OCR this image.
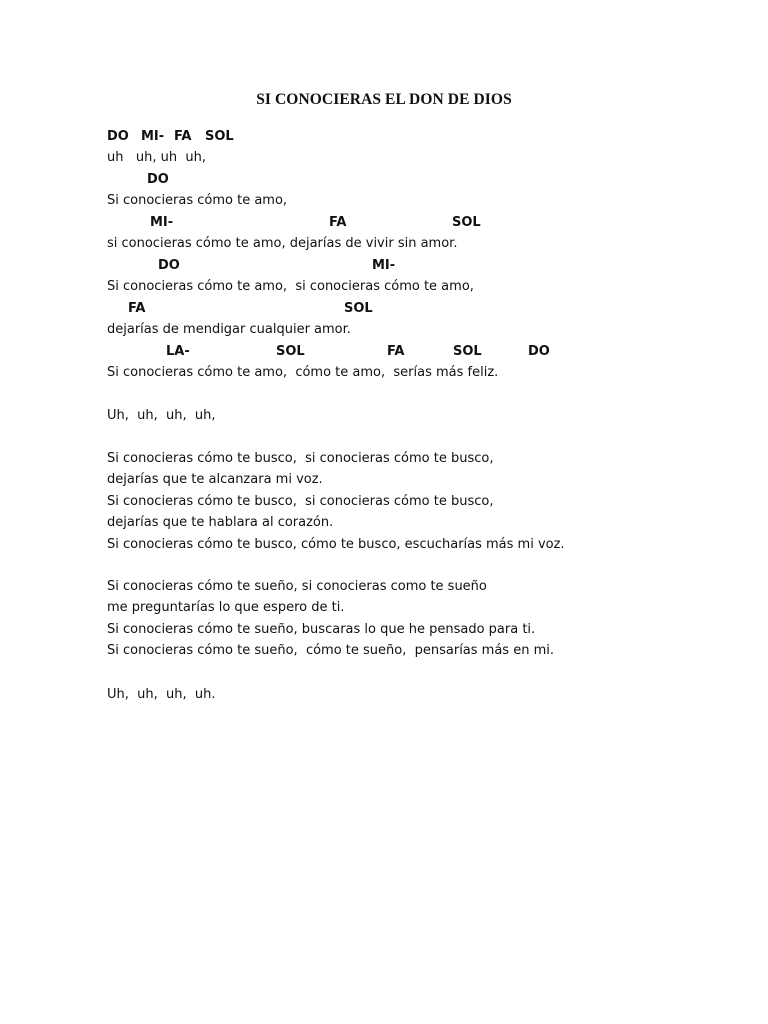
SI CONOCIERAS EL DON DE DIOS

DO

MI-

FA

SOL

uh   uh, uh  uh,

DO

Si conocieras cómo te amo,

MI-

	FA

	SOL

si conocieras cómo te amo, dejarías de vivir sin amor.

DO

	MI-

Si conocieras cómo te amo,  si conocieras cómo te amo,

FA

	SOL

dejarías de mendigar cualquier amor.

LA-

	SOL

	FA

	SOL

	DO

Si conocieras cómo te amo,  cómo te amo,  serías más feliz.
Uh,  uh,  uh,  uh,
Si conocieras cómo te busco,  si conocieras cómo te busco,
dejarías que te alcanzara mi voz.
Si conocieras cómo te busco,  si conocieras cómo te busco,
dejarías que te hablara al corazón.
Si conocieras cómo te busco, cómo te busco, escucharías más mi voz.
Si conocieras cómo te sueño, si conocieras como te sueño
me preguntarías lo que espero de ti.
Si conocieras cómo te sueño, buscaras lo que he pensado para ti.
Si conocieras cómo te sueño,  cómo te sueño,  pensarías más en mi.
Uh,  uh,  uh,  uh.
